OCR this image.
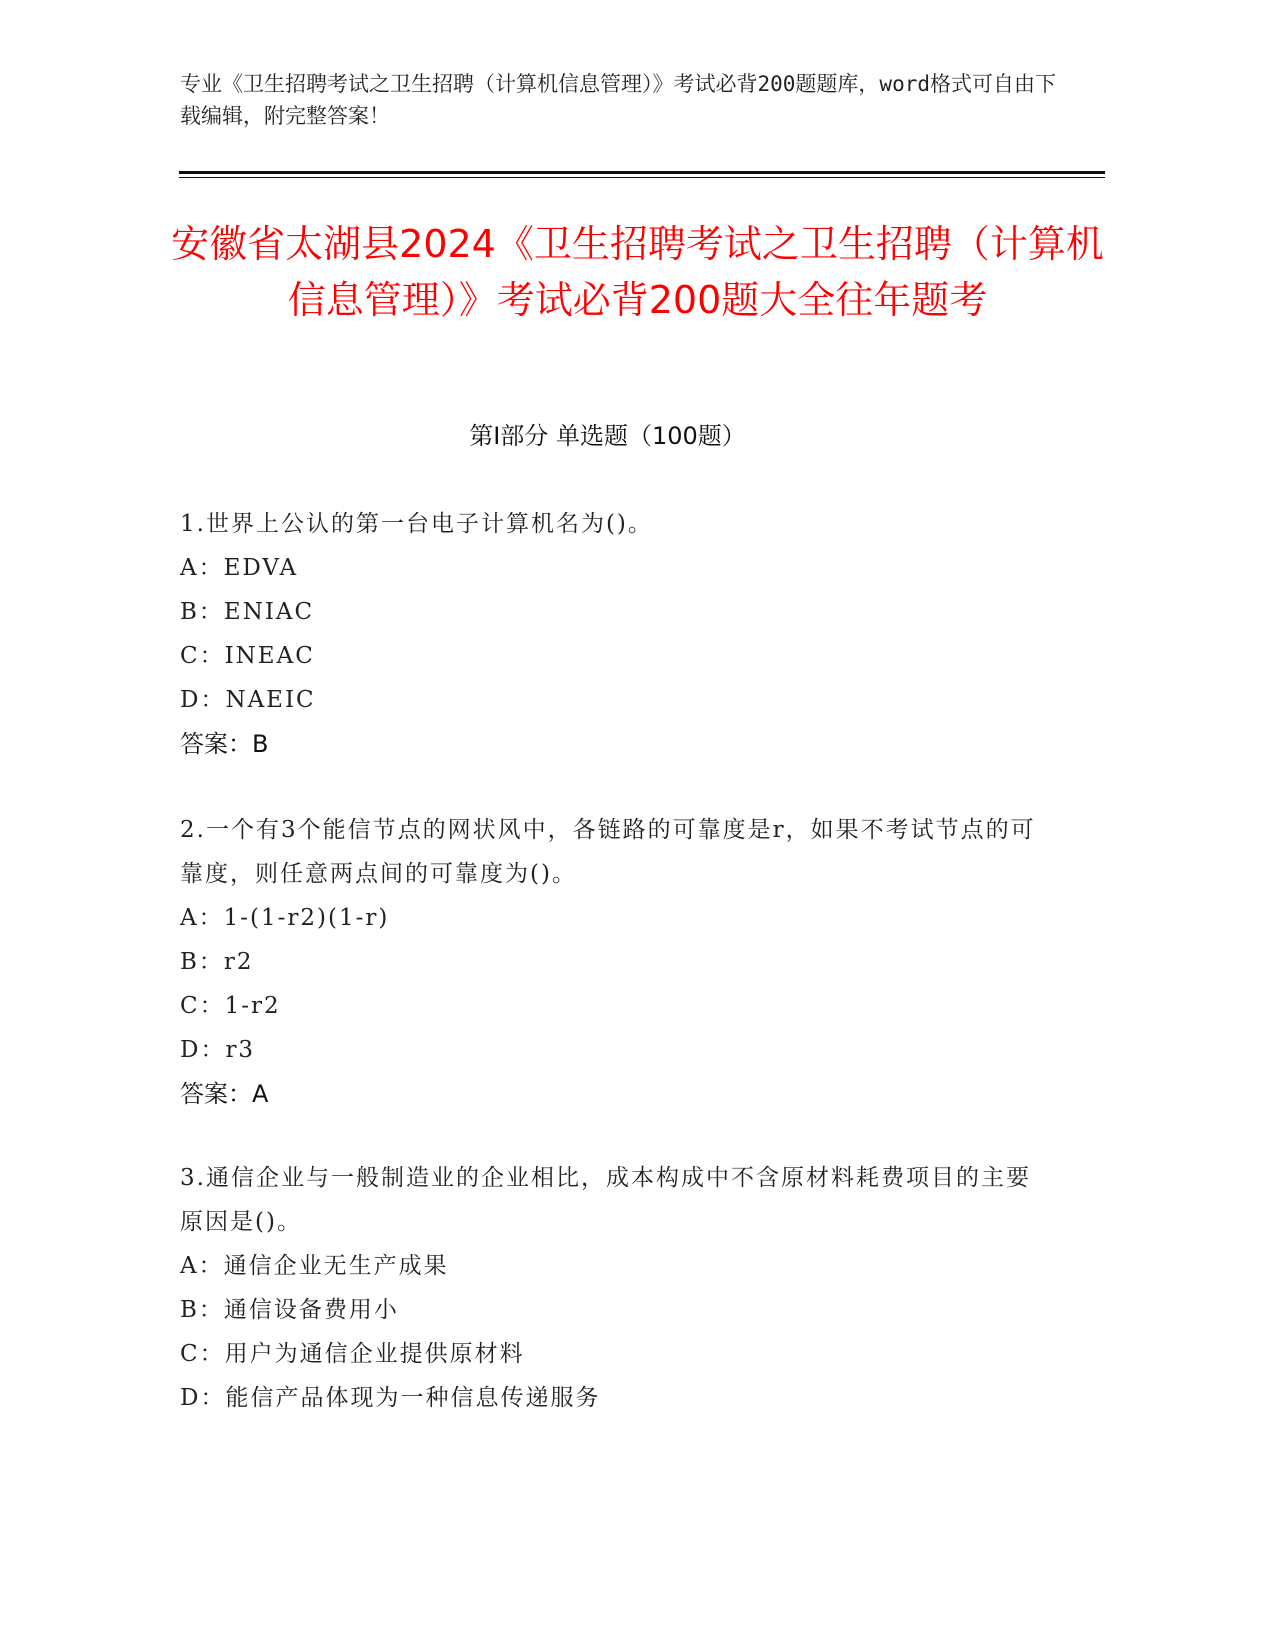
专业《卫生招聘考试之卫生招聘（计算机信息管理）》考试必背200题题库，word格式可自由下载编辑，附完整答案！
安徽省太湖县2024《卫生招聘考试之卫生招聘（计算机信息管理）》考试必背200题大全往年题考
第Ⅰ部分 单选题（100题）

1.世界上公认的第一台电子计算机名为()。

A：EDVA

B：ENIAC

C：INEAC

D：NAEIC

答案：B

2.一个有3个能信节点的网状风中，各链路的可靠度是r，如果不考试节点的可靠度，则任意两点间的可靠度为()。

A：1-(1-r2)(1-r)

B：r2

C：1-r2

D：r3

答案：A

3.通信企业与一般制造业的企业相比，成本构成中不含原材料耗费项目的主要原因是()。

A：通信企业无生产成果

B：通信设备费用小

C：用户为通信企业提供原材料

D：能信产品体现为一种信息传递服务
